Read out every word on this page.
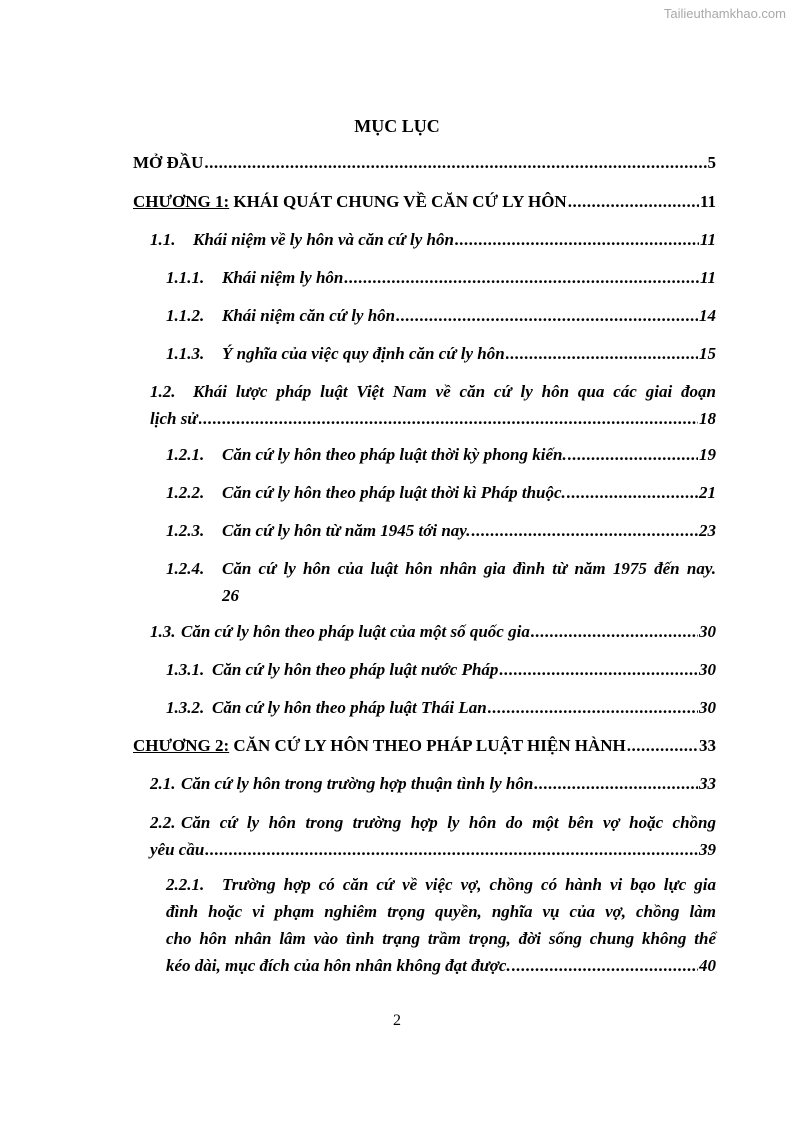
Tailieuthamkhao.com
MỤC LỤC
MỞ ĐẦU .....	5
CHƯƠNG 1: KHÁI QUÁT CHUNG VỀ CĂN CỨ LY HÔN .....	11
1.1.	Khái niệm về ly hôn và căn cứ ly hôn .....	11
1.1.1.	Khái niệm ly hôn .....	11
1.1.2.	Khái niệm căn cứ ly hôn .....	14
1.1.3.	Ý nghĩa của việc quy định căn cứ ly hôn .....	15
1.2.	Khái lược pháp luật Việt Nam về căn cứ ly hôn qua các giai đoạn
lịch sử .....	18
1.2.1.	Căn cứ ly hôn theo pháp luật thời kỳ phong kiến. .....	19
1.2.2.	Căn cứ ly hôn theo pháp luật thời kì Pháp thuộc. .....	21
1.2.3.	Căn cứ ly hôn từ năm 1945 tới nay. .....	23
1.2.4.	Căn cứ ly hôn của luật hôn nhân gia đình từ năm 1975 đến nay.
26
1.3. Căn cứ ly hôn theo pháp luật của một số quốc gia .....	30
1.3.1. Căn cứ ly hôn theo pháp luật nước Pháp .....	30
1.3.2. Căn cứ ly hôn theo pháp luật Thái Lan .....	30
CHƯƠNG 2: CĂN CỨ LY HÔN THEO PHÁP LUẬT HIỆN HÀNH .....	33
2.1. Căn cứ ly hôn trong trường hợp thuận tình ly hôn .....	33
2.2. Căn cứ ly hôn trong trường hợp ly hôn do một bên vợ hoặc chồng
yêu cầu .....	39
2.2.1.	Trường hợp có căn cứ về việc vợ, chồng có hành vi bạo lực gia
đình hoặc vi phạm nghiêm trọng quyền, nghĩa vụ của vợ, chồng làm
cho hôn nhân lâm vào tình trạng trầm trọng, đời sống chung không thể
kéo dài, mục đích của hôn nhân không đạt được. .....	40
2
